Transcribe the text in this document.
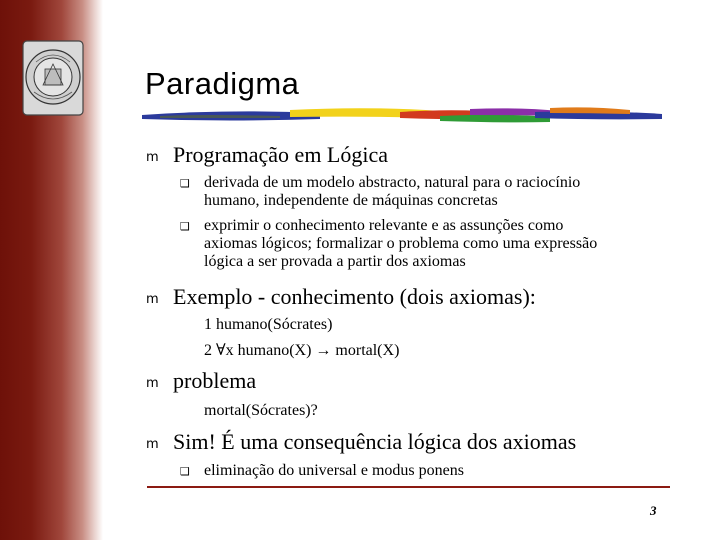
Paradigma
m Programação em Lógica
❑ derivada de um modelo abstracto, natural para o raciocínio
humano, independente de máquinas concretas
❑ exprimir o conhecimento relevante e as assunções como
axiomas lógicos; formalizar o problema como uma expressão
lógica a ser provada a partir dos axiomas
m Exemplo - conhecimento (dois axiomas):
1 humano(Sócrates)
2 ∀x humano(X) → mortal(X)
m problema
mortal(Sócrates)?
m Sim! É uma consequência lógica dos axiomas
❑ eliminação do universal e modus ponens
3
